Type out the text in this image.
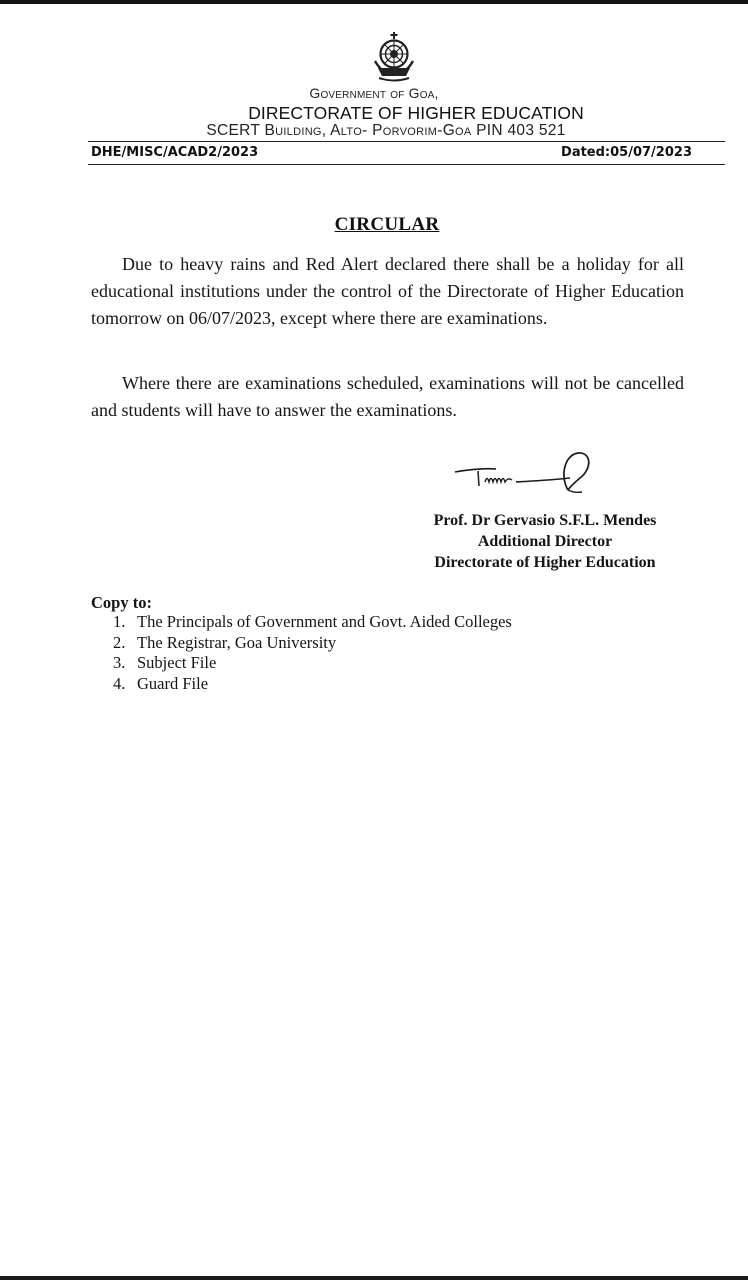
Government of Goa,
DIRECTORATE OF HIGHER EDUCATION
SCERT Building, Alto- Porvorim-Goa PIN 403 521
DHE/MISC/ACAD2/2023	Dated:05/07/2023
CIRCULAR

Due to heavy rains and Red Alert declared there shall be a holiday for all educational institutions under the control of the Directorate of Higher Education tomorrow on 06/07/2023, except where there are examinations.

Where there are examinations scheduled, examinations will not be cancelled and students will have to answer the examinations.

Prof. Dr Gervasio S.F.L. Mendes
Additional Director
Directorate of Higher Education
Copy to:
1. The Principals of Government and Govt. Aided Colleges
2. The Registrar, Goa University
3. Subject File
4. Guard File
